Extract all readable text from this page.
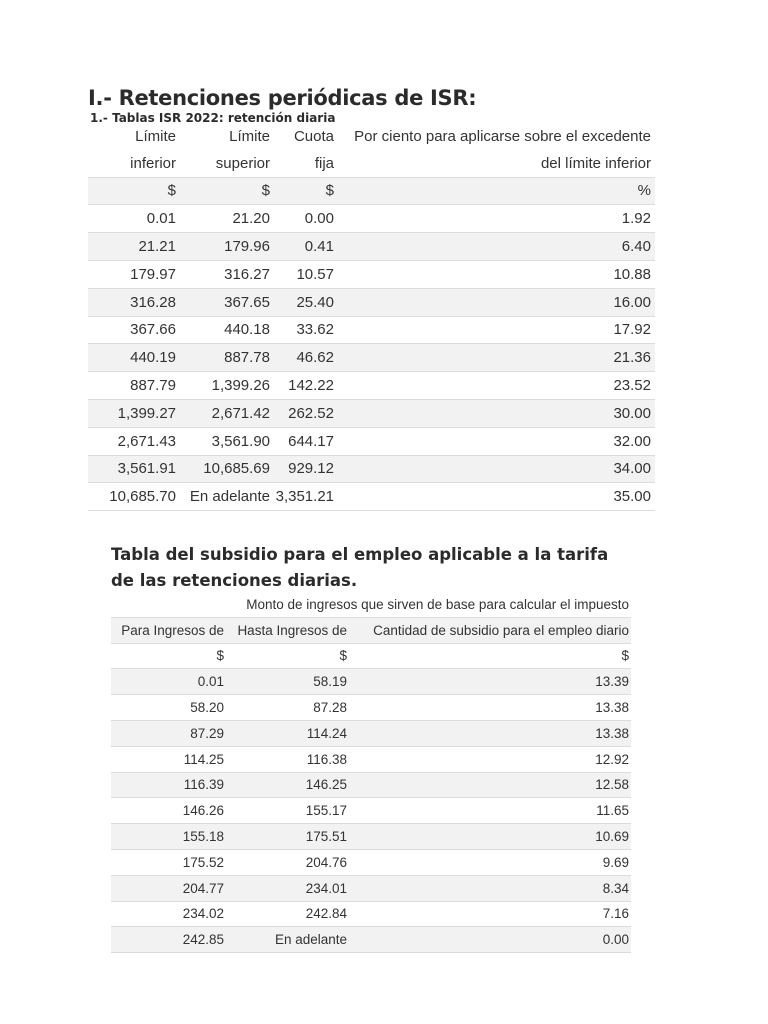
I.- Retenciones periódicas de ISR:
1.- Tablas ISR 2022: retención diaria
Límite	Límite	Cuota	Por ciento para aplicarse sobre el excedente
inferior	superior	fija	del límite inferior
$	$	$	%
0.01	21.20	0.00	1.92
21.21	179.96	0.41	6.40
179.97	316.27	10.57	10.88
316.28	367.65	25.40	16.00
367.66	440.18	33.62	17.92
440.19	887.78	46.62	21.36
887.79	1,399.26	142.22	23.52
1,399.27	2,671.42	262.52	30.00
2,671.43	3,561.90	644.17	32.00
3,561.91	10,685.69	929.12	34.00
10,685.70	En adelante	3,351.21	35.00
Tabla del subsidio para el empleo aplicable a la tarifa de las retenciones diarias.
Monto de ingresos que sirven de base para calcular el impuesto		
Para Ingresos de	Hasta Ingresos de	Cantidad de subsidio para el empleo diario
$	$	$
0.01	58.19	13.39
58.20	87.28	13.38
87.29	114.24	13.38
114.25	116.38	12.92
116.39	146.25	12.58
146.26	155.17	11.65
155.18	175.51	10.69
175.52	204.76	9.69
204.77	234.01	8.34
234.02	242.84	7.16
242.85	En adelante	0.00
